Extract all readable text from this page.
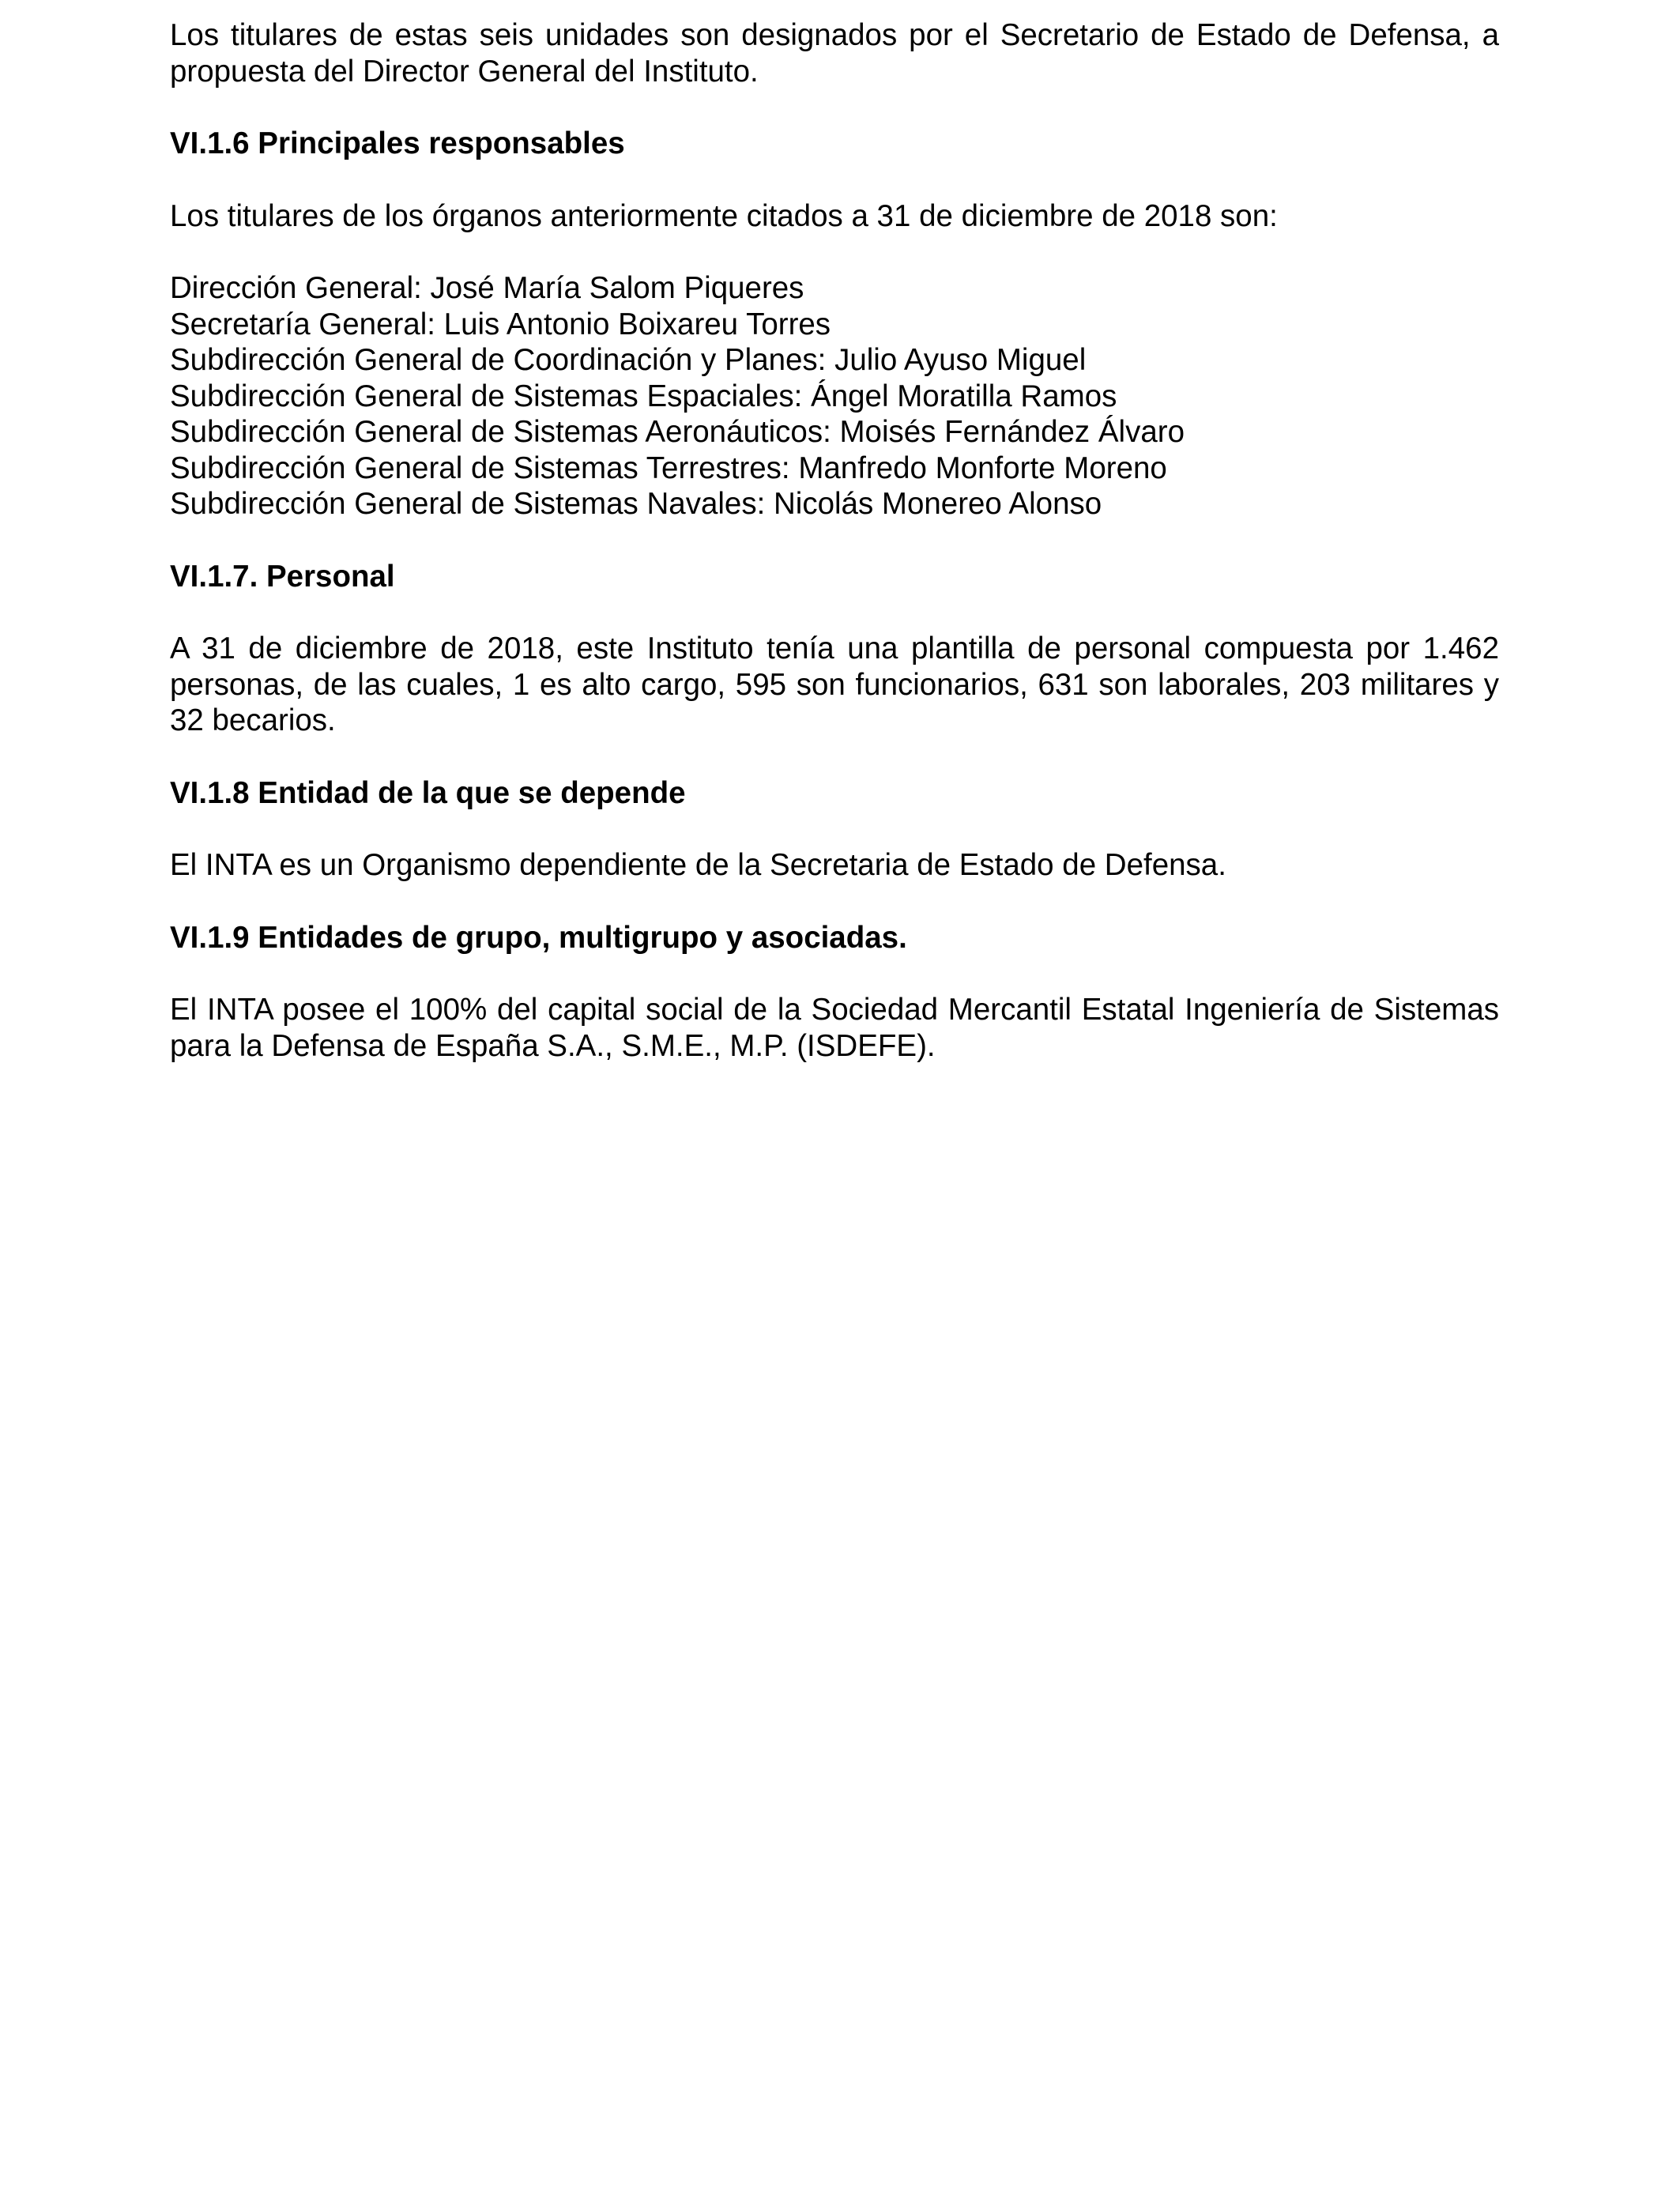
Los titulares de estas seis unidades son designados por el Secretario de Estado de Defensa, a propuesta del Director General del Instituto.

VI.1.6 Principales responsables

Los titulares de los órganos anteriormente citados a 31 de diciembre de 2018 son:

Dirección General: José María Salom Piqueres

Secretaría General: Luis Antonio Boixareu Torres
Subdirección General de Coordinación y Planes: Julio Ayuso Miguel
Subdirección General de Sistemas Espaciales: Ángel Moratilla Ramos
Subdirección General de Sistemas Aeronáuticos: Moisés Fernández Álvaro
Subdirección General de Sistemas Terrestres: Manfredo Monforte Moreno
Subdirección General de Sistemas Navales: Nicolás Monereo Alonso
VI.1.7. Personal

A 31 de diciembre de 2018, este Instituto tenía una plantilla de personal compuesta por 1.462 personas, de las cuales, 1 es alto cargo, 595 son funcionarios, 631 son laborales, 203 militares y 32 becarios.

VI.1.8 Entidad de la que se depende

El INTA es un Organismo dependiente de la Secretaria de Estado de Defensa.

VI.1.9 Entidades de grupo, multigrupo y asociadas.

El INTA posee el 100% del capital social de la Sociedad Mercantil Estatal Ingeniería de Sistemas para la Defensa de España S.A., S.M.E., M.P. (ISDEFE).
